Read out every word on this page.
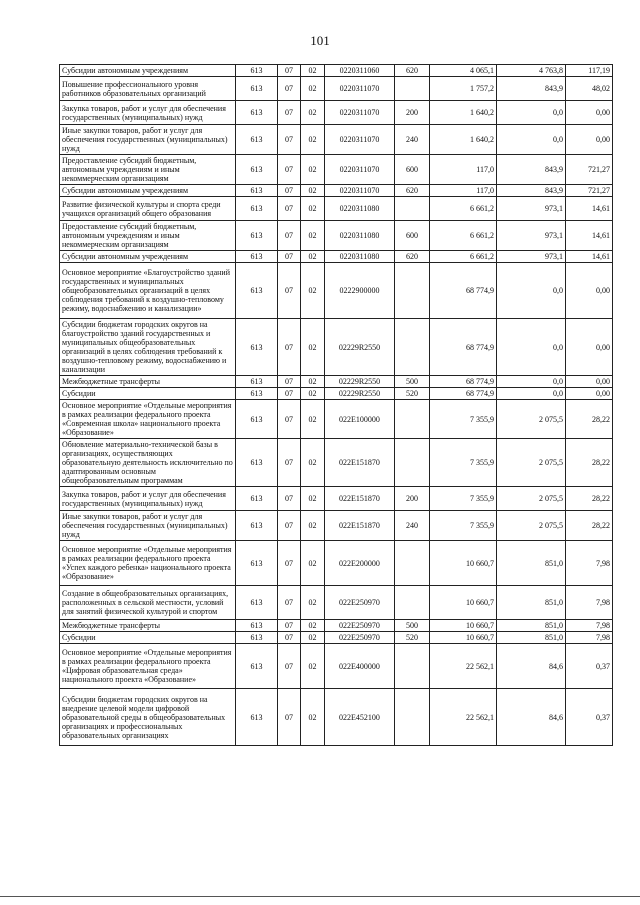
101
Субсидии автономным учреждениям	613	07	02	0220311060	620	4 065,1	4 763,8	117,19
Повышение профессионального уровня работников образовательных организаций	613	07	02	0220311070		1 757,2	843,9	48,02
Закупка товаров, работ и услуг для обеспечения государственных (муниципальных) нужд	613	07	02	0220311070	200	1 640,2	0,0	0,00
Иные закупки товаров, работ и услуг для обеспечения государственных (муниципальных) нужд	613	07	02	0220311070	240	1 640,2	0,0	0,00
Предоставление субсидий бюджетным, автономным учреждениям и иным некоммерческим организациям	613	07	02	0220311070	600	117,0	843,9	721,27
Субсидии автономным учреждениям	613	07	02	0220311070	620	117,0	843,9	721,27
Развитие физической культуры и спорта среди учащихся организаций общего образования	613	07	02	0220311080		6 661,2	973,1	14,61
Предоставление субсидий бюджетным, автономным учреждениям и иным некоммерческим организациям	613	07	02	0220311080	600	6 661,2	973,1	14,61
Субсидии автономным учреждениям	613	07	02	0220311080	620	6 661,2	973,1	14,61
Основное мероприятие «Благоустройство зданий государственных и муниципальных общеобразовательных организаций в целях соблюдения требований к воздушно-тепловому режиму, водоснабжению и канализации»	613	07	02	0222900000		68 774,9	0,0	0,00
Субсидии бюджетам городских округов на благоустройство зданий государственных и муниципальных общеобразовательных организаций в целях соблюдения требований к воздушно-тепловому режиму, водоснабжению и канализации	613	07	02	02229R2550		68 774,9	0,0	0,00
Межбюджетные трансферты	613	07	02	02229R2550	500	68 774,9	0,0	0,00
Субсидии	613	07	02	02229R2550	520	68 774,9	0,0	0,00
Основное мероприятие «Отдельные мероприятия в рамках реализации федерального проекта «Современная школа» национального проекта «Образование»	613	07	02	022E100000		7 355,9	2 075,5	28,22
Обновление материально-технической базы в организациях, осуществляющих образовательную деятельность исключительно по адаптированным основным общеобразовательным программам	613	07	02	022E151870		7 355,9	2 075,5	28,22
Закупка товаров, работ и услуг для обеспечения государственных (муниципальных) нужд	613	07	02	022E151870	200	7 355,9	2 075,5	28,22
Иные закупки товаров, работ и услуг для обеспечения государственных (муниципальных) нужд	613	07	02	022E151870	240	7 355,9	2 075,5	28,22
Основное мероприятие «Отдельные мероприятия в рамках реализации федерального проекта «Успех каждого ребенка» национального проекта «Образование»	613	07	02	022E200000		10 660,7	851,0	7,98
Создание в общеобразовательных организациях, расположенных в сельской местности, условий для занятий физической культурой и спортом	613	07	02	022E250970		10 660,7	851,0	7,98
Межбюджетные трансферты	613	07	02	022E250970	500	10 660,7	851,0	7,98
Субсидии	613	07	02	022E250970	520	10 660,7	851,0	7,98
Основное мероприятие «Отдельные мероприятия в рамках реализации федерального проекта «Цифровая образовательная среда» национального проекта «Образование»	613	07	02	022E400000		22 562,1	84,6	0,37
Субсидии бюджетам городских округов на внедрение целевой модели цифровой образовательной среды в общеобразовательных организациях и профессиональных образовательных организациях	613	07	02	022E452100		22 562,1	84,6	0,37
